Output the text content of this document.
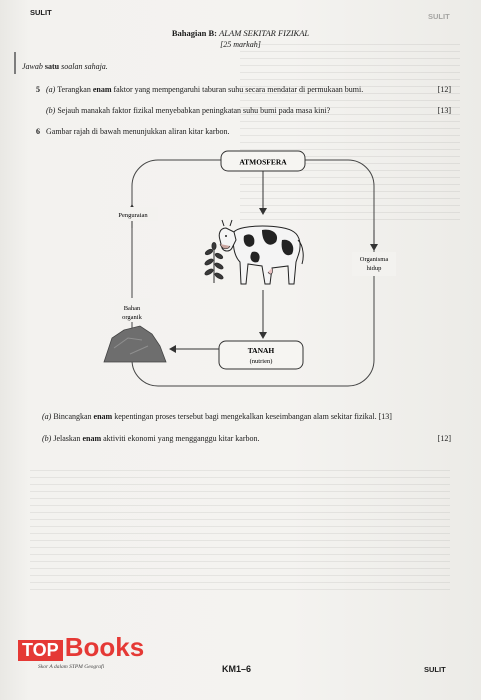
SULIT	SULIT
Bahagian B: ALAM SEKITAR FIZIKAL
[25 markah]
Jawab satu soalan sahaja.
5 (a) Terangkan enam faktor yang mempengaruhi taburan suhu secara mendatar di permukaan bumi.	[12]
(b) Sejauh manakah faktor fizikal menyebabkan peningkatan suhu bumi pada masa kini?	[13]
6 Gambar rajah di bawah menunjukkan aliran kitar karbon.
ATMOSFERA
TANAH
(nutrien)
Penguraian
Organisma
hidup
Bahan
organik
(a) Bincangkan enam kepentingan proses tersebut bagi mengekalkan keseimbangan alam sekitar fizikal. [13]
(b) Jelaskan enam aktiviti ekonomi yang mengganggu kitar karbon.	[12]
TOP Books
Skor A dalam STPM Geografi	KM1–6	SULIT
